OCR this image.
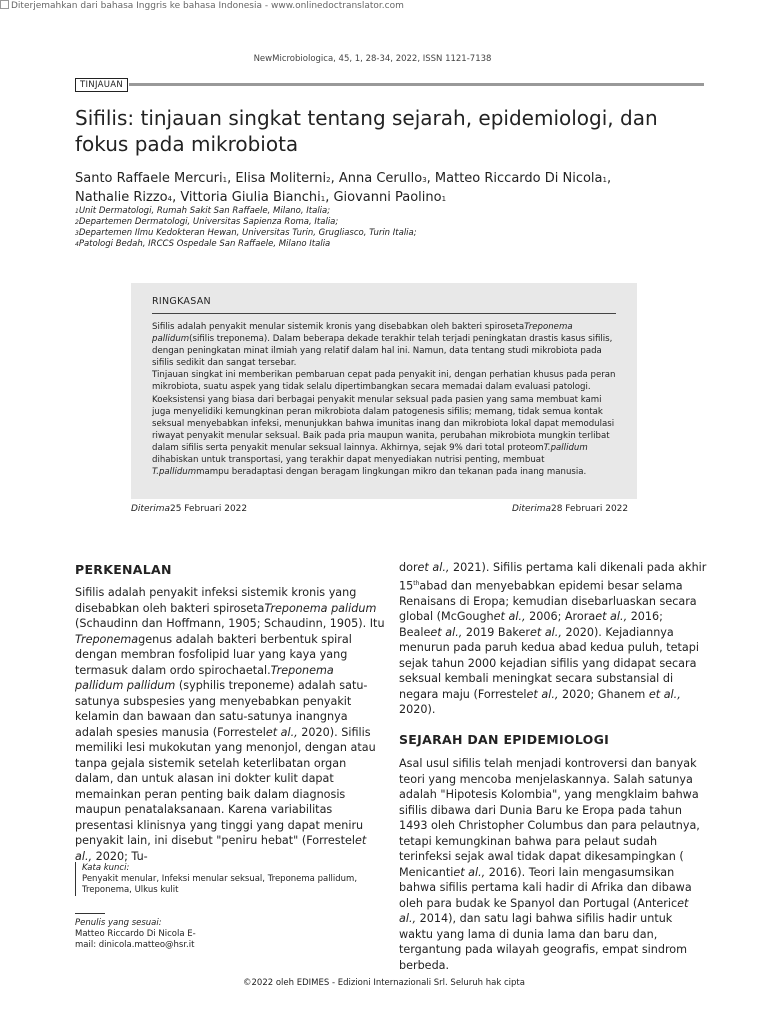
Diterjemahkan dari bahasa Inggris ke bahasa Indonesia - www.onlinedoctranslator.com
NewMicrobiologica, 45, 1, 28-34, 2022, ISSN 1121-7138
TINJAUAN
Sifilis: tinjauan singkat tentang sejarah, epidemiologi, dan fokus pada mikrobiota
Santo Raffaele Mercuri1, Elisa Moliterni2, Anna Cerullo3, Matteo Riccardo Di Nicola1,
Nathalie Rizzo4, Vittoria Giulia Bianchi1, Giovanni Paolino1
1Unit Dermatologi, Rumah Sakit San Raffaele, Milano, Italia;
2Departemen Dermatologi, Universitas Sapienza Roma, Italia;
3Departemen Ilmu Kedokteran Hewan, Universitas Turin, Grugliasco, Turin Italia;
4Patologi Bedah, IRCCS Ospedale San Raffaele, Milano Italia
RINGKASAN
Sifilis adalah penyakit menular sistemik kronis yang disebabkan oleh bakteri spirosetaTreponema pallidum(sifilis treponema). Dalam beberapa dekade terakhir telah terjadi peningkatan drastis kasus sifilis, dengan peningkatan minat ilmiah yang relatif dalam hal ini. Namun, data tentang studi mikrobiota pada sifilis sedikit dan sangat tersebar.
Tinjauan singkat ini memberikan pembaruan cepat pada penyakit ini, dengan perhatian khusus pada peran mikrobiota, suatu aspek yang tidak selalu dipertimbangkan secara memadai dalam evaluasi patologi. Koeksistensi yang biasa dari berbagai penyakit menular seksual pada pasien yang sama membuat kami juga menyelidiki kemungkinan peran mikrobiota dalam patogenesis sifilis; memang, tidak semua kontak seksual menyebabkan infeksi, menunjukkan bahwa imunitas inang dan mikrobiota lokal dapat memodulasi riwayat penyakit menular seksual. Baik pada pria maupun wanita, perubahan mikrobiota mungkin terlibat dalam sifilis serta penyakit menular seksual lainnya. Akhirnya, sejak 9% dari total proteomT.pallidum dihabiskan untuk transportasi, yang terakhir dapat menyediakan nutrisi penting, membuat T.pallidummampu beradaptasi dengan beragam lingkungan mikro dan tekanan pada inang manusia.
Diterima25 Februari 2022	Diterima28 Februari 2022
PERKENALAN
Sifilis adalah penyakit infeksi sistemik kronis yang disebabkan oleh bakteri spirosetaTreponema palidum (Schaudinn dan Hoffmann, 1905; Schaudinn, 1905). Itu Treponemagenus adalah bakteri berbentuk spiral dengan membran fosfolipid luar yang kaya yang termasuk dalam ordo spirochaetal.Treponema pallidum pallidum (syphilis treponeme) adalah satu-satunya subspesies yang menyebabkan penyakit kelamin dan bawaan dan satu-satunya inangnya adalah spesies manusia (Forrestelet al., 2020). Sifilis memiliki lesi mukokutan yang menonjol, dengan atau tanpa gejala sistemik setelah keterlibatan organ dalam, dan untuk alasan ini dokter kulit dapat memainkan peran penting baik dalam diagnosis maupun penatalaksanaan. Karena variabilitas presentasi klinisnya yang tinggi yang dapat meniru penyakit lain, ini disebut "peniru hebat" (Forrestelet al., 2020; Tu-
doret al., 2021). Sifilis pertama kali dikenali pada akhir 15thabad dan menyebabkan epidemi besar selama Renaisans di Eropa; kemudian disebarluaskan secara global (McGoughet al., 2006; Aroraet al., 2016; Bealeet al., 2019 Bakeret al., 2020). Kejadiannya menurun pada paruh kedua abad kedua puluh, tetapi sejak tahun 2000 kejadian sifilis yang didapat secara seksual kembali meningkat secara substansial di negara maju (Forrestelet al., 2020; Ghanem et al., 2020).
SEJARAH DAN EPIDEMIOLOGI
Asal usul sifilis telah menjadi kontroversi dan banyak teori yang mencoba menjelaskannya. Salah satunya adalah "Hipotesis Kolombia", yang mengklaim bahwa sifilis dibawa dari Dunia Baru ke Eropa pada tahun 1493 oleh Christopher Columbus dan para pelautnya, tetapi kemungkinan bahwa para pelaut sudah terinfeksi sejak awal tidak dapat dikesampingkan ( Menicantiet al., 2016). Teori lain mengasumsikan bahwa sifilis pertama kali hadir di Afrika dan dibawa oleh para budak ke Spanyol dan Portugal (Antericet al., 2014), dan satu lagi bahwa sifilis hadir untuk waktu yang lama di dunia lama dan baru dan, tergantung pada wilayah geografis, empat sindrom berbeda.
Kata kunci:
Penyakit menular, Infeksi menular seksual, Treponema pallidum, Treponema, Ulkus kulit
Penulis yang sesuai:
Matteo Riccardo Di Nicola E-
mail: dinicola.matteo@hsr.it
©2022 oleh EDIMES - Edizioni Internazionali Srl. Seluruh hak cipta
